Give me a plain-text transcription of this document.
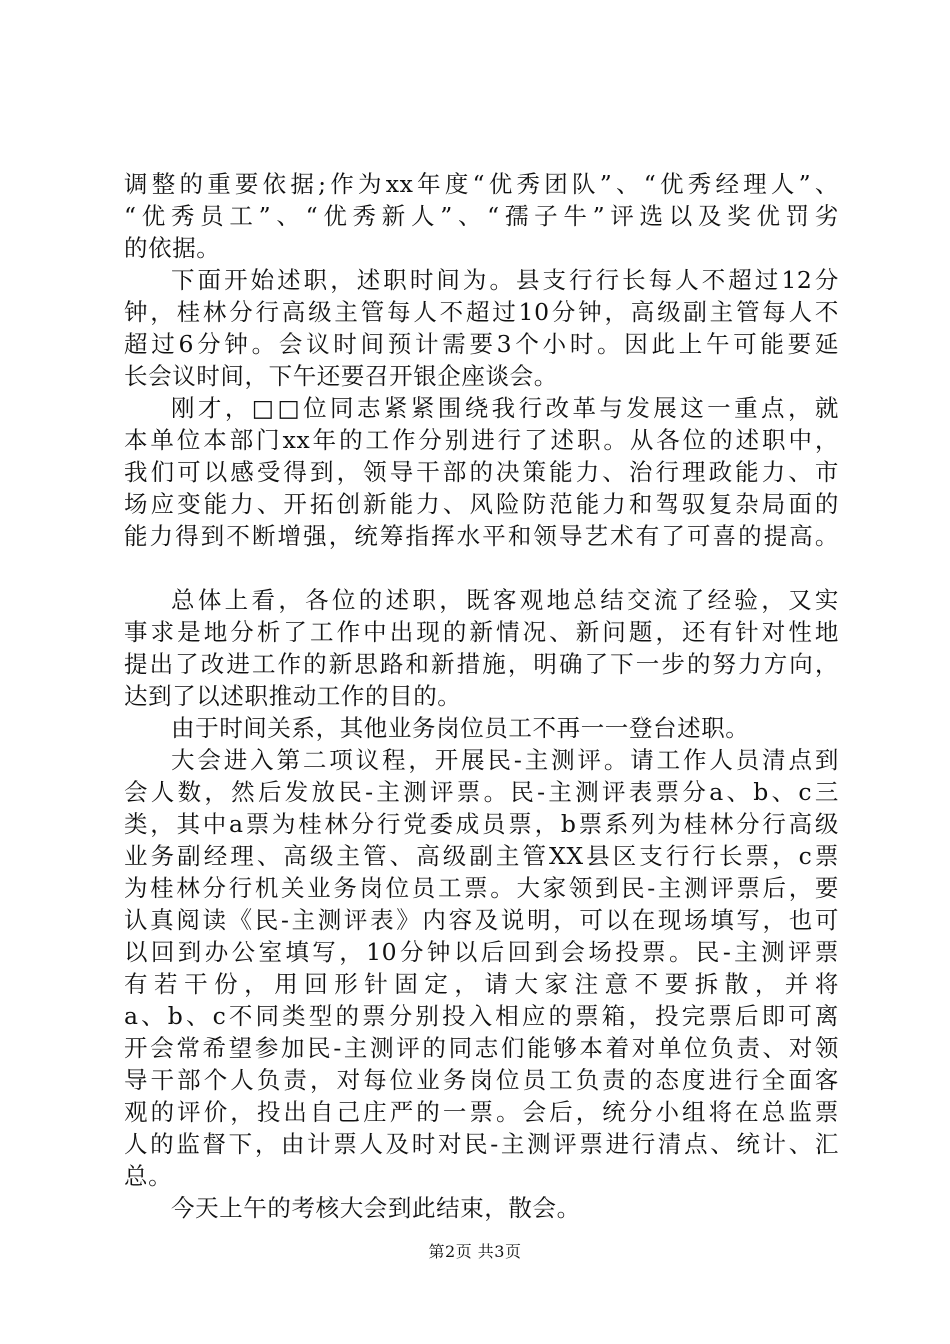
调整的重要依据;作为xx年度“优秀团队”、“优秀经理人”、
“优秀员工”、“优秀新人”、“孺子牛”评选以及奖优罚劣
的依据。
下面开始述职，述职时间为。县支行行长每人不超过12分
钟，桂林分行高级主管每人不超过10分钟，高级副主管每人不
超过6分钟。会议时间预计需要3个小时。因此上午可能要延
长会议时间，下午还要召开银企座谈会。
刚才，□□位同志紧紧围绕我行改革与发展这一重点，就
本单位本部门xx年的工作分别进行了述职。从各位的述职中，
我们可以感受得到，领导干部的决策能力、治行理政能力、市
场应变能力、开拓创新能力、风险防范能力和驾驭复杂局面的
能力得到不断增强，统筹指挥水平和领导艺术有了可喜的提高。
总体上看，各位的述职，既客观地总结交流了经验，又实
事求是地分析了工作中出现的新情况、新问题，还有针对性地
提出了改进工作的新思路和新措施，明确了下一步的努力方向，
达到了以述职推动工作的目的。
由于时间关系，其他业务岗位员工不再一一登台述职。
大会进入第二项议程，开展民-主测评。请工作人员清点到
会人数，然后发放民-主测评票。民-主测评表票分a、b、c三
类，其中a票为桂林分行党委成员票，b票系列为桂林分行高级
业务副经理、高级主管、高级副主管XX县区支行行长票，c票
为桂林分行机关业务岗位员工票。大家领到民-主测评票后，要
认真阅读《民-主测评表》内容及说明，可以在现场填写，也可
以回到办公室填写，10分钟以后回到会场投票。民-主测评票
有若干份，用回形针固定，请大家注意不要拆散，并将
a、b、c不同类型的票分别投入相应的票箱，投完票后即可离
开会常希望参加民-主测评的同志们能够本着对单位负责、对领
导干部个人负责，对每位业务岗位员工负责的态度进行全面客
观的评价，投出自己庄严的一票。会后，统分小组将在总监票
人的监督下，由计票人及时对民-主测评票进行清点、统计、汇
总。
今天上午的考核大会到此结束，散会。
第2页 共3页
